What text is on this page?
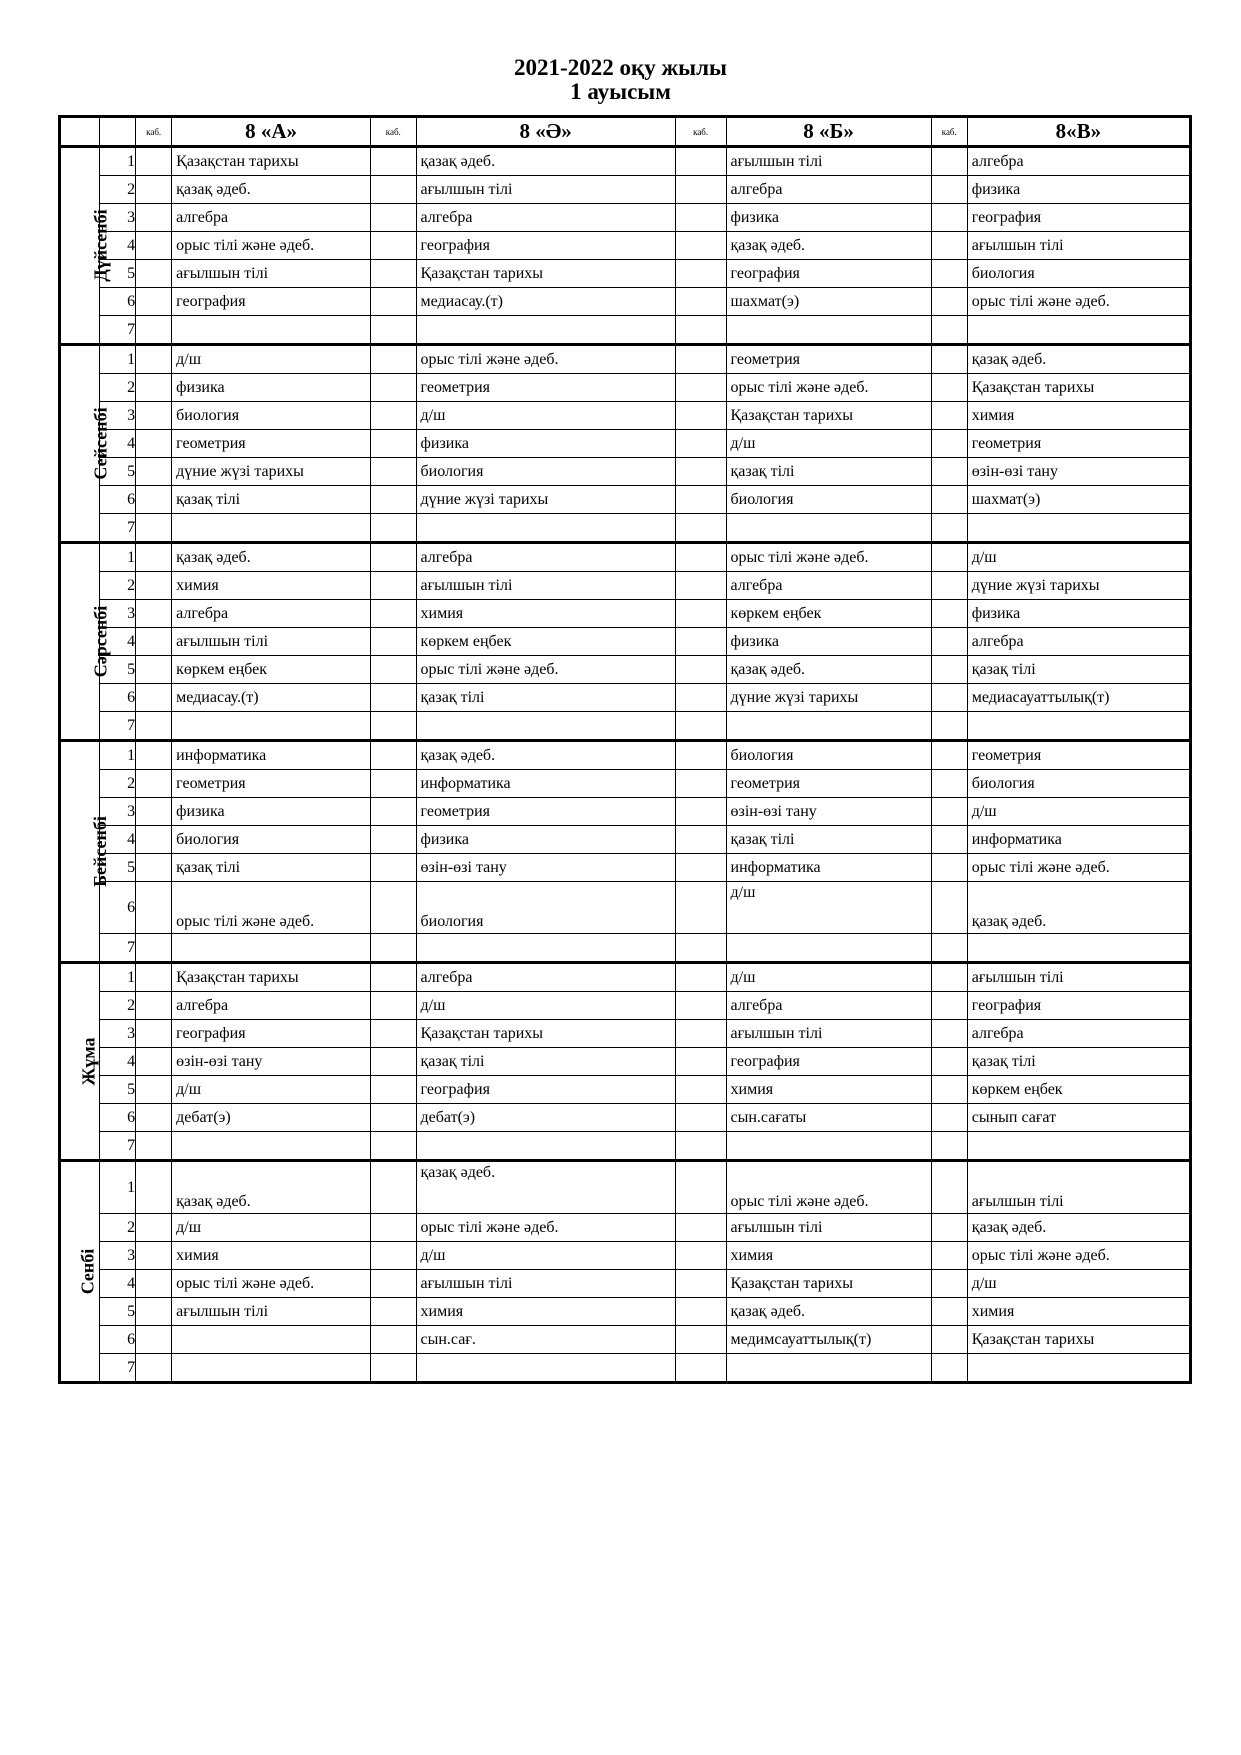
2021-2022 оқу жылы
1 ауысым
		каб.	8 «А»	каб.	8 «Ә»	каб.	8 «Б»	каб.	8«В»
Дүйсенбі	1		Қазақстан тарихы		қазақ әдеб.		ағылшын тілі		алгебра
	2		қазақ әдеб.		ағылшын тілі		алгебра		физика
	3		алгебра		алгебра		физика		география
	4		орыс тілі және әдеб.		география		қазақ әдеб.		ағылшын тілі
	5		ағылшын тілі		Қазақстан тарихы		география		биология
	6		география		медиасау.(т)		шахмат(э)		орыс тілі және әдеб.
	7								
Сейсенбі	1		д/ш		орыс тілі және әдеб.		геометрия		қазақ әдеб.
	2		физика		геометрия		орыс тілі және әдеб.		Қазақстан тарихы
	3		биология		д/ш		Қазақстан тарихы		химия
	4		геометрия		физика		д/ш		геометрия
	5		дүние жүзі тарихы		биология		қазақ тілі		өзін-өзі тану
	6		қазақ тілі		дүние жүзі тарихы		биология		шахмат(э)
	7								
Сәрсенбі	1		қазақ әдеб.		алгебра		орыс тілі және әдеб.		д/ш
	2		химия		ағылшын тілі		алгебра		дүние жүзі тарихы
	3		алгебра		химия		көркем еңбек		физика
	4		ағылшын тілі		көркем еңбек		физика		алгебра
	5		көркем еңбек		орыс тілі және әдеб.		қазақ әдеб.		қазақ тілі
	6		медиасау.(т)		қазақ тілі		дүние жүзі тарихы		медиасауаттылық(т)
	7								
Бейсенбі	1		информатика		қазақ әдеб.		биология		геометрия
	2		геометрия		информатика		геометрия		биология
	3		физика		геометрия		өзін-өзі тану		д/ш
	4		биология		физика		қазақ тілі		информатика
	5		қазақ тілі		өзін-өзі тану		информатика		орыс тілі және әдеб.
	6		орыс тілі және әдеб.		биология		д/ш		қазақ әдеб.
	7								
Жұма	1		Қазақстан тарихы		алгебра		д/ш		ағылшын тілі
	2		алгебра		д/ш		алгебра		география
	3		география		Қазақстан тарихы		ағылшын тілі		алгебра
	4		өзін-өзі тану		қазақ тілі		география		қазақ тілі
	5		д/ш		география		химия		көркем еңбек
	6		дебат(э)		дебат(э)		сын.сағаты		сынып сағат
	7								
Сенбі	1		қазақ әдеб.		қазақ әдеб.		орыс тілі және әдеб.		ағылшын тілі
	2		д/ш		орыс тілі және әдеб.		ағылшын тілі		қазақ әдеб.
	3		химия		д/ш		химия		орыс тілі және әдеб.
	4		орыс тілі және әдеб.		ағылшын тілі		Қазақстан тарихы		д/ш
	5		ағылшын тілі		химия		қазақ әдеб.		химия
	6				сын.сағ.		медимсауаттылық(т)		Қазақстан тарихы
	7								
